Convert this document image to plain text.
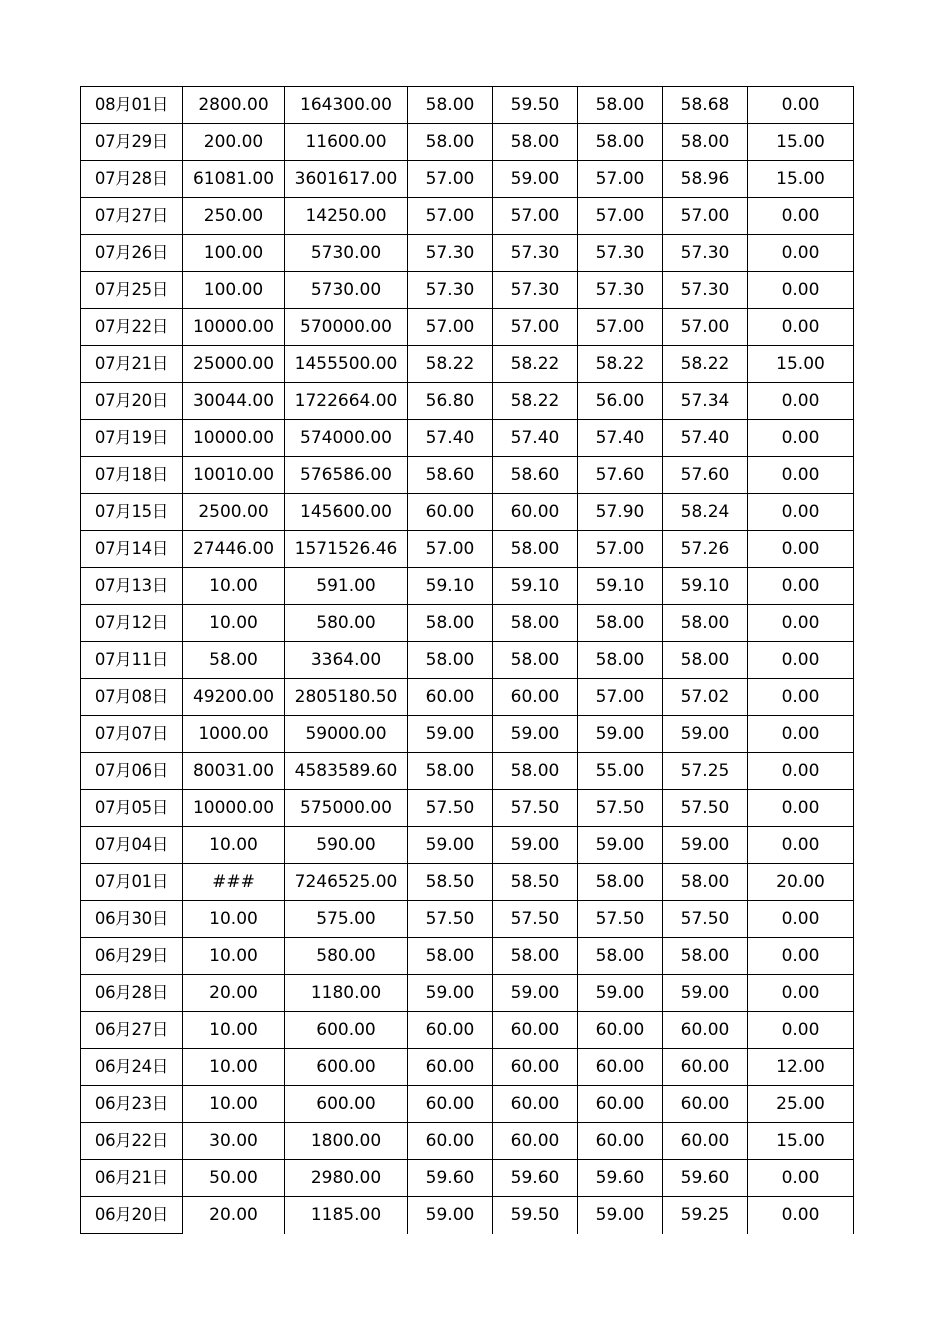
08月01日	2800.00	164300.00	58.00	59.50	58.00	58.68	0.00
07月29日	200.00	11600.00	58.00	58.00	58.00	58.00	15.00
07月28日	61081.00	3601617.00	57.00	59.00	57.00	58.96	15.00
07月27日	250.00	14250.00	57.00	57.00	57.00	57.00	0.00
07月26日	100.00	5730.00	57.30	57.30	57.30	57.30	0.00
07月25日	100.00	5730.00	57.30	57.30	57.30	57.30	0.00
07月22日	10000.00	570000.00	57.00	57.00	57.00	57.00	0.00
07月21日	25000.00	1455500.00	58.22	58.22	58.22	58.22	15.00
07月20日	30044.00	1722664.00	56.80	58.22	56.00	57.34	0.00
07月19日	10000.00	574000.00	57.40	57.40	57.40	57.40	0.00
07月18日	10010.00	576586.00	58.60	58.60	57.60	57.60	0.00
07月15日	2500.00	145600.00	60.00	60.00	57.90	58.24	0.00
07月14日	27446.00	1571526.46	57.00	58.00	57.00	57.26	0.00
07月13日	10.00	591.00	59.10	59.10	59.10	59.10	0.00
07月12日	10.00	580.00	58.00	58.00	58.00	58.00	0.00
07月11日	58.00	3364.00	58.00	58.00	58.00	58.00	0.00
07月08日	49200.00	2805180.50	60.00	60.00	57.00	57.02	0.00
07月07日	1000.00	59000.00	59.00	59.00	59.00	59.00	0.00
07月06日	80031.00	4583589.60	58.00	58.00	55.00	57.25	0.00
07月05日	10000.00	575000.00	57.50	57.50	57.50	57.50	0.00
07月04日	10.00	590.00	59.00	59.00	59.00	59.00	0.00
07月01日	###	7246525.00	58.50	58.50	58.00	58.00	20.00
06月30日	10.00	575.00	57.50	57.50	57.50	57.50	0.00
06月29日	10.00	580.00	58.00	58.00	58.00	58.00	0.00
06月28日	20.00	1180.00	59.00	59.00	59.00	59.00	0.00
06月27日	10.00	600.00	60.00	60.00	60.00	60.00	0.00
06月24日	10.00	600.00	60.00	60.00	60.00	60.00	12.00
06月23日	10.00	600.00	60.00	60.00	60.00	60.00	25.00
06月22日	30.00	1800.00	60.00	60.00	60.00	60.00	15.00
06月21日	50.00	2980.00	59.60	59.60	59.60	59.60	0.00
06月20日	20.00	1185.00	59.00	59.50	59.00	59.25	0.00
